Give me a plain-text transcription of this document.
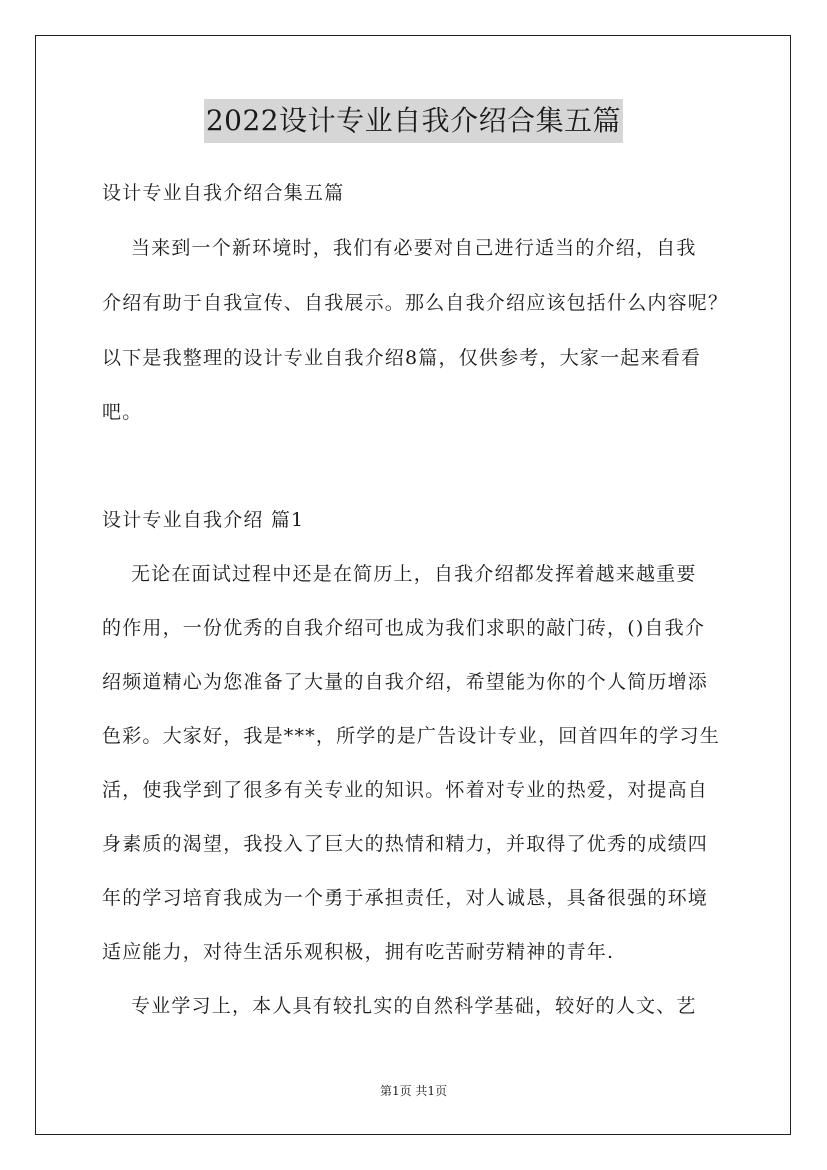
2022设计专业自我介绍合集五篇
设计专业自我介绍合集五篇
当来到一个新环境时，我们有必要对自己进行适当的介绍，自我
介绍有助于自我宣传、自我展示。那么自我介绍应该包括什么内容呢？
以下是我整理的设计专业自我介绍8篇，仅供参考，大家一起来看看
吧。
设计专业自我介绍 篇1
无论在面试过程中还是在简历上，自我介绍都发挥着越来越重要
的作用，一份优秀的自我介绍可也成为我们求职的敲门砖，()自我介
绍频道精心为您准备了大量的自我介绍，希望能为你的个人简历增添
色彩。大家好，我是***，所学的是广告设计专业，回首四年的学习生
活，使我学到了很多有关专业的知识。怀着对专业的热爱，对提高自
身素质的渴望，我投入了巨大的热情和精力，并取得了优秀的成绩四
年的学习培育我成为一个勇于承担责任，对人诚恳，具备很强的环境
适应能力，对待生活乐观积极，拥有吃苦耐劳精神的青年.
专业学习上，本人具有较扎实的自然科学基础，较好的人文、艺
第1页 共1页
